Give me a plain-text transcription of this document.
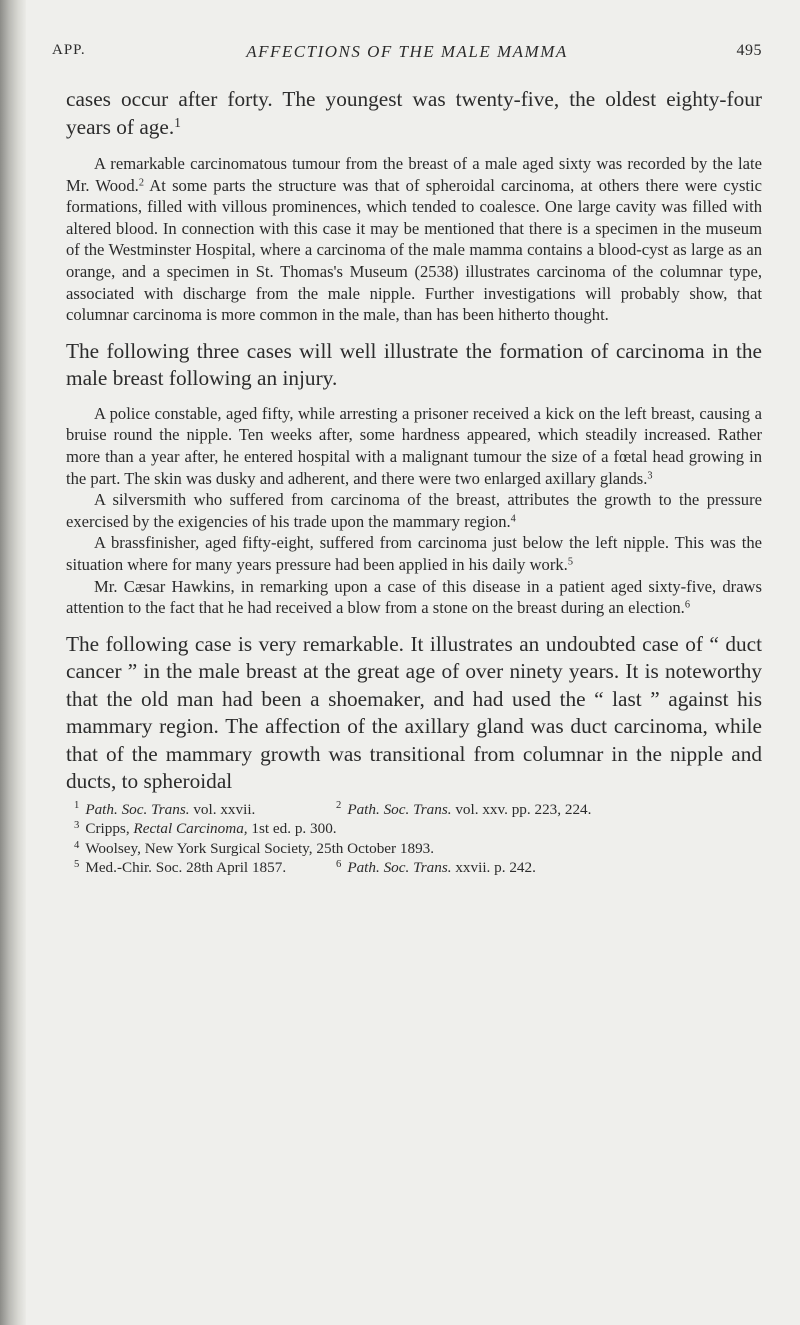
APP.	AFFECTIONS OF THE MALE MAMMA	495

cases occur after forty. The youngest was twenty-five, the oldest eighty-four years of age.$^1$

A remarkable carcinomatous tumour from the breast of a male aged sixty was recorded by the late Mr. Wood.$^2$ At some parts the structure was that of spheroidal carcinoma, at others there were cystic formations, filled with villous prominences, which tended to coalesce. One large cavity was filled with altered blood. In connection with this case it may be mentioned that there is a specimen in the museum of the Westminster Hospital, where a carcinoma of the male mamma contains a blood-cyst as large as an orange, and a specimen in St. Thomas's Museum (2538) illustrates carcinoma of the columnar type, associated with discharge from the male nipple. Further investigations will probably show, that columnar carcinoma is more common in the male, than has been hitherto thought.

The following three cases will well illustrate the formation of carcinoma in the male breast following an injury.

A police constable, aged fifty, while arresting a prisoner received a kick on the left breast, causing a bruise round the nipple. Ten weeks after, some hardness appeared, which steadily increased. Rather more than a year after, he entered hospital with a malignant tumour the size of a fœtal head growing in the part. The skin was dusky and adherent, and there were two enlarged axillary glands.$^3$

A silversmith who suffered from carcinoma of the breast, attributes the growth to the pressure exercised by the exigencies of his trade upon the mammary region.$^4$

A brassfinisher, aged fifty-eight, suffered from carcinoma just below the left nipple. This was the situation where for many years pressure had been applied in his daily work.$^5$

Mr. Cæsar Hawkins, in remarking upon a case of this disease in a patient aged sixty-five, draws attention to the fact that he had received a blow from a stone on the breast during an election.$^6$

The following case is very remarkable. It illustrates an undoubted case of “ duct cancer ” in the male breast at the great age of over ninety years. It is noteworthy that the old man had been a shoemaker, and had used the “ last ” against his mammary region. The affection of the axillary gland was duct carcinoma, while that of the mammary growth was transitional from columnar in the nipple and ducts, to spheroidal

$^1$ Path. Soc. Trans. vol. xxvii.	$^2$ Path. Soc. Trans. vol. xxv. pp. 223, 224.
$^3$ Cripps, Rectal Carcinoma, 1st ed. p. 300.
$^4$ Woolsey, New York Surgical Society, 25th October 1893.
$^5$ Med.-Chir. Soc. 28th April 1857.	$^6$ Path. Soc. Trans. xxvii. p. 242.
